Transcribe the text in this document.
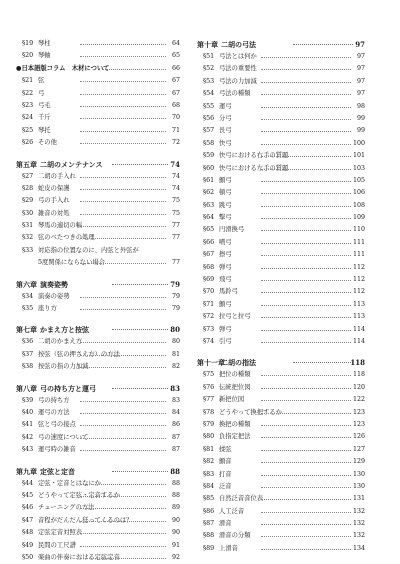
§19 琴柱	64
§20 琴軸	65
●日本語版コラム　木材について	66
§21 弦	67
§22 弓	67
§23 弓毛	68
§24 千斤	70
§25 琴托	71
§26 その他	72
第五章 二胡のメンテナンス	74
§27 二胡の手入れ	74
§28 蛇皮の保護	74
§29 弓の手入れ	75
§30 雑音の対処	75
§31 琴馬の適切の幅	77
§32 弦のべたつきの処理	77
§33 対応指の位置なのに、内弦と外弦が
5度関係にならない場合	77
第六章 演奏姿勢	79
§34 演奏の姿勢	79
§35 座り方	79
第七章 かまえ方と按弦	80
§36 二胡のかまえ方	80
§37 按弦（弦の押さえ方）の方法	81
§38 按弦の指の力加減	82
第八章 弓の持ち方と運弓	83
§39 弓の持ち方	83
§40 運弓の方法	84
§41 弦と弓の接点	86
§42 弓の速度について	87
§43 運弓時の雑音	87
第九章 定弦と定音	88
§44 定弦・定音とはなにか	88
§45 どうやって定弦・定音するか	88
§46 チューニングの方法	89
§47 音程がだんだん狂ってくるのは？	90
§48 定弦定音対照表	90
§49 民間の工尺譜	91
§50 楽曲の伴奏における定弦定音	92
第十章 二胡の弓法	97
§51 弓法とは何か	97
§52 弓法の重要性	97
§53 弓法の力加減	97
§54 弓法の種類	97
§55 運弓	98
§56 分弓	99
§57 長弓	99
§58 快弓	100
§59 快弓における右手の質題	101
§60 快弓における左手の質題	103
§61 顫弓	105
§62 頓弓	106
§63 跳弓	108
§64 撃弓	109
§65 円滑換弓	110
§66 噴弓	111
§67 擦弓	111
§68 弾弓	112
§69 飛弓	112
§70 馬鈴弓	112
§71 顫弓	113
§72 拉弓と拉弓	113
§73 弾弓	114
§74 引弓	114
第十一章
二胡の指法	118
§75 把位の種類	118
§76 伝統把位図	120
§77 新把位図	122
§78 どうやって換把するか	123
§79 換把の種類	123
§80 負指定把法	126
§81 揉弦	127
§82 顫音	129
§83 打音	130
§84 泛音	130
§85 自然泛音音位表	131
§86 人工泛音	132
§87 滑音	132
§88 滑音の分類	132
§89 上滑音	134
